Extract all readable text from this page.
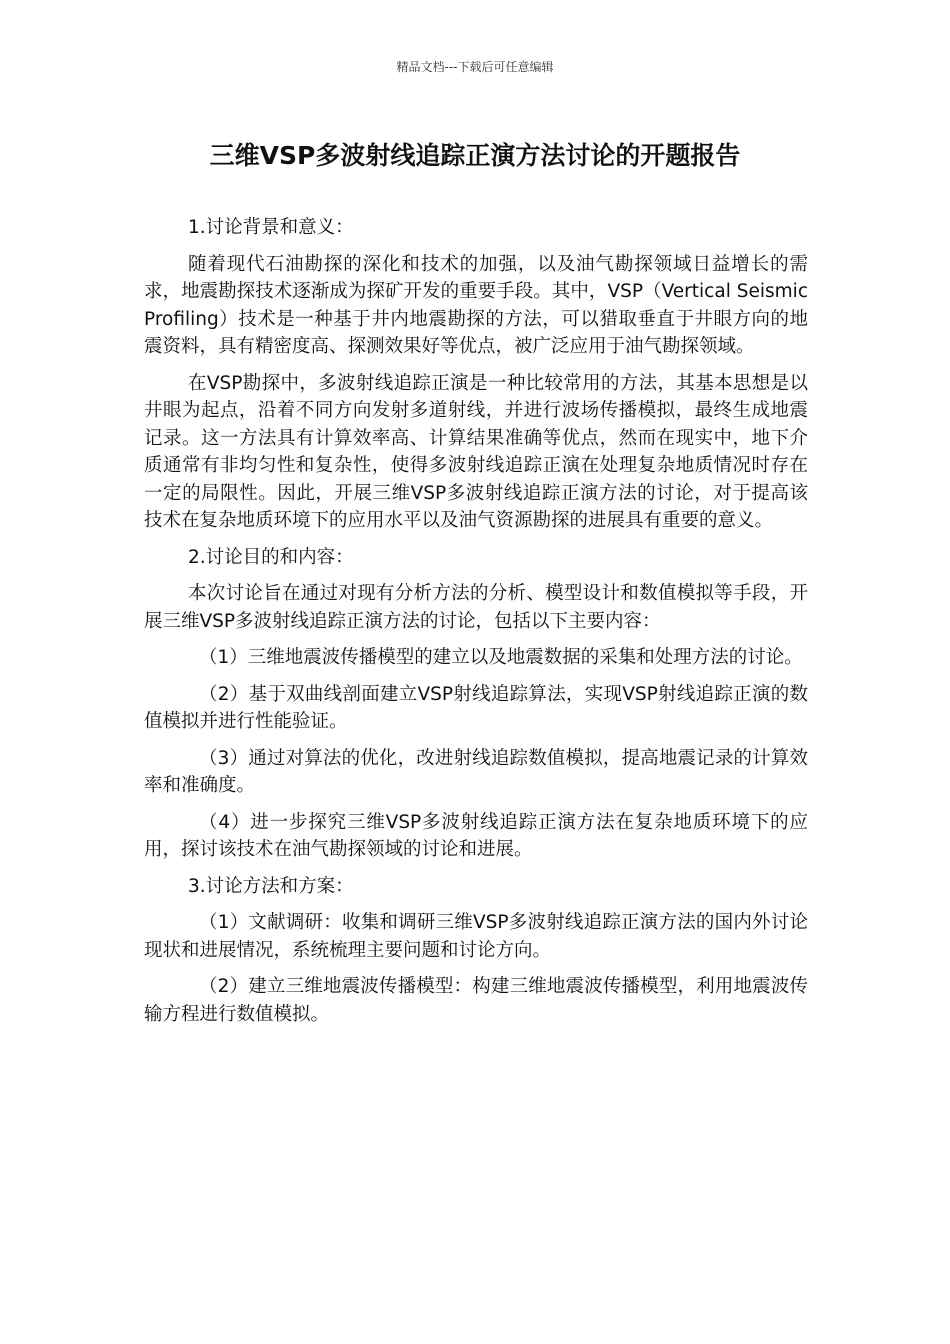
精品文档---下载后可任意编辑
三维VSP多波射线追踪正演方法讨论的开题报告

1.讨论背景和意义：

随着现代石油勘探的深化和技术的加强，以及油气勘探领域日益增长的需求，地震勘探技术逐渐成为探矿开发的重要手段。其中，VSP（Vertical Seismic Profiling）技术是一种基于井内地震勘探的方法，可以猎取垂直于井眼方向的地震资料，具有精密度高、探测效果好等优点，被广泛应用于油气勘探领域。

在VSP勘探中，多波射线追踪正演是一种比较常用的方法，其基本思想是以井眼为起点，沿着不同方向发射多道射线，并进行波场传播模拟，最终生成地震记录。这一方法具有计算效率高、计算结果准确等优点，然而在现实中，地下介质通常有非均匀性和复杂性，使得多波射线追踪正演在处理复杂地质情况时存在一定的局限性。因此，开展三维VSP多波射线追踪正演方法的讨论，对于提高该技术在复杂地质环境下的应用水平以及油气资源勘探的进展具有重要的意义。

2.讨论目的和内容：

本次讨论旨在通过对现有分析方法的分析、模型设计和数值模拟等手段，开展三维VSP多波射线追踪正演方法的讨论，包括以下主要内容：

（1）三维地震波传播模型的建立以及地震数据的采集和处理方法的讨论。

（2）基于双曲线剖面建立VSP射线追踪算法，实现VSP射线追踪正演的数值模拟并进行性能验证。

（3）通过对算法的优化，改进射线追踪数值模拟，提高地震记录的计算效率和准确度。

（4）进一步探究三维VSP多波射线追踪正演方法在复杂地质环境下的应用，探讨该技术在油气勘探领域的讨论和进展。

3.讨论方法和方案：

（1）文献调研：收集和调研三维VSP多波射线追踪正演方法的国内外讨论现状和进展情况，系统梳理主要问题和讨论方向。

（2）建立三维地震波传播模型：构建三维地震波传播模型，利用地震波传输方程进行数值模拟。
